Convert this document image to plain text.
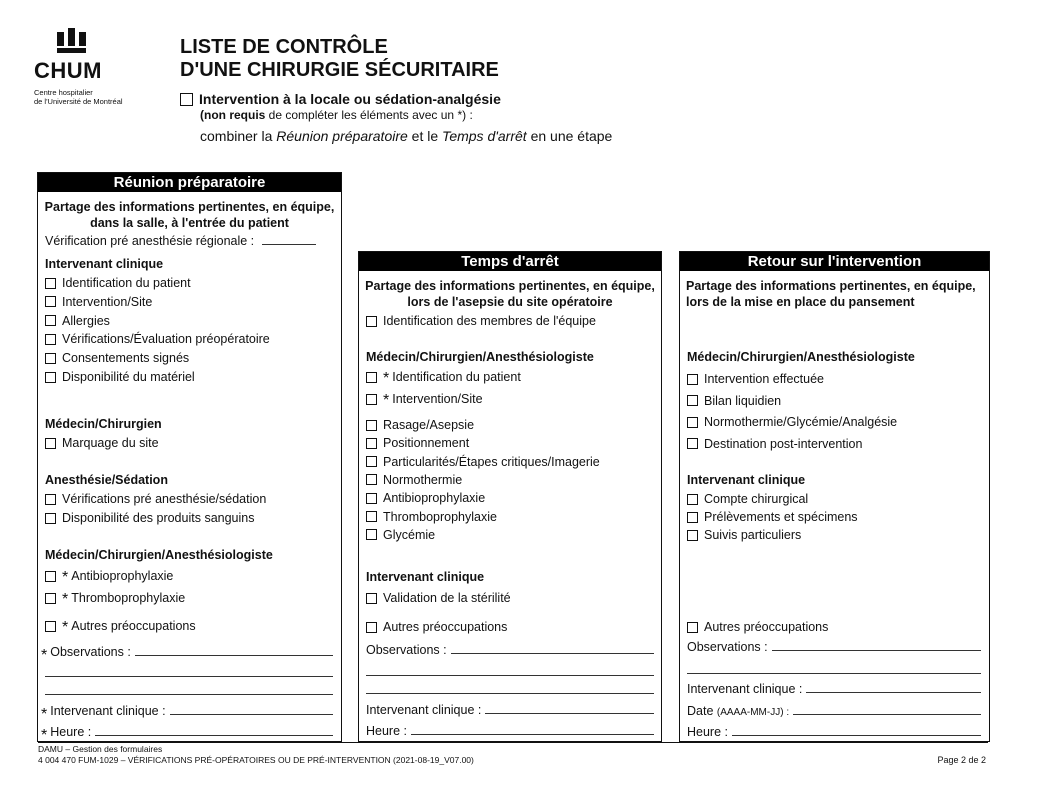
CHUM
Centre hospitalier
de l'Université de Montréal
LISTE DE CONTRÔLE
D'UNE CHIRURGIE SÉCURITAIRE
Intervention à la locale ou sédation-analgésie
(non requis de compléter les éléments avec un *) :
combiner la Réunion préparatoire et le Temps d'arrêt en une étape
Réunion préparatoire
Partage des informations pertinentes, en équipe, dans la salle, à l'entrée du patient
Vérification pré anesthésie régionale :
Intervenant clinique
Identification du patient
Intervention/Site
Allergies
Vérifications/Évaluation préopératoire
Consentements signés
Disponibilité du matériel
Médecin/Chirurgien
Marquage du site
Anesthésie/Sédation
Vérifications pré anesthésie/sédation
Disponibilité des produits sanguins
Médecin/Chirurgien/Anesthésiologiste
* Antibioprophylaxie
* Thromboprophylaxie
* Autres préoccupations
* Observations :
* Intervenant clinique :
* Heure :
Temps d'arrêt
Partage des informations pertinentes, en équipe, lors de l'asepsie du site opératoire
Identification des membres de l'équipe
Médecin/Chirurgien/Anesthésiologiste
* Identification du patient
* Intervention/Site
Rasage/Asepsie
Positionnement
Particularités/Étapes critiques/Imagerie
Normothermie
Antibioprophylaxie
Thromboprophylaxie
Glycémie
Intervenant clinique
Validation de la stérilité
Autres préoccupations
Observations :
Intervenant clinique :
Heure :
Retour sur l'intervention
Partage des informations pertinentes, en équipe, lors de la mise en place du pansement
Médecin/Chirurgien/Anesthésiologiste
Intervention effectuée
Bilan liquidien
Normothermie/Glycémie/Analgésie
Destination post-intervention
Intervenant clinique
Compte chirurgical
Prélèvements et spécimens
Suivis particuliers
Autres préoccupations
Observations :
Intervenant clinique :
Date
(AAAA-MM-JJ) :
Heure :
DAMU – Gestion des formulaires
4 004 470 FUM-1029 – VÉRIFICATIONS PRÉ-OPÉRATOIRES OU DE PRÉ-INTERVENTION (2021-08-19_V07.00)	Page 2 de 2
